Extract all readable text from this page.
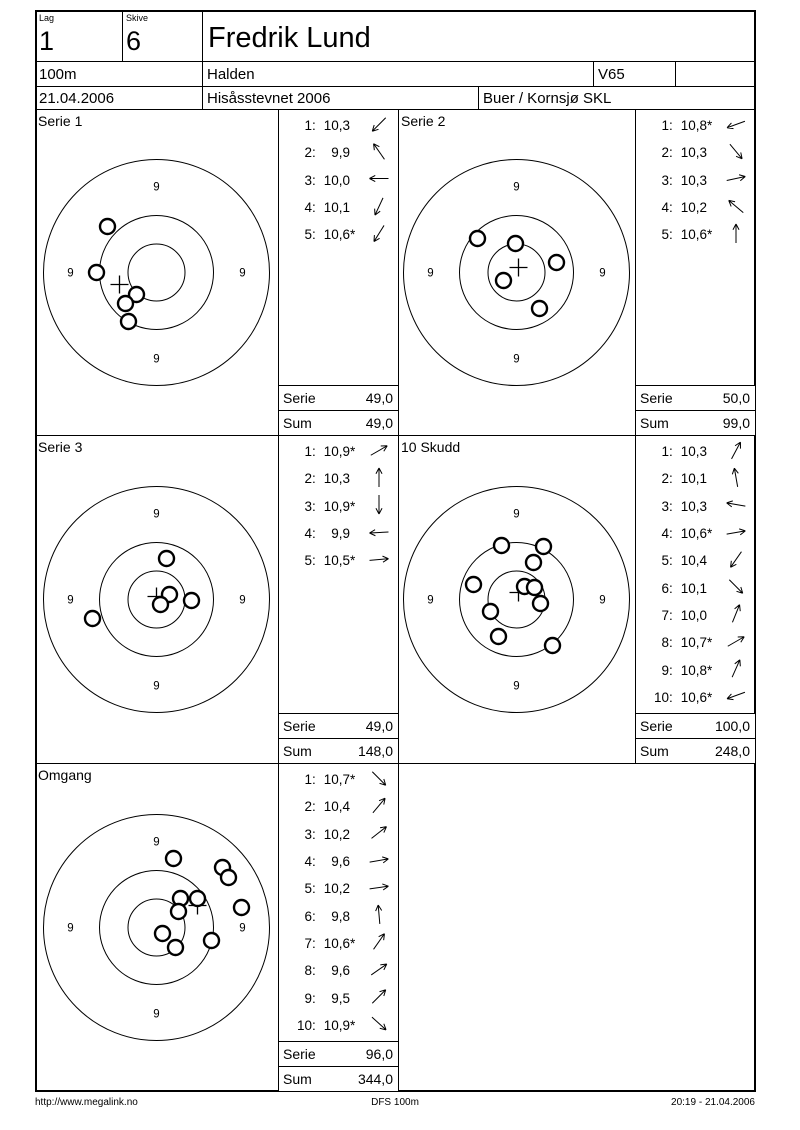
Lag
1
Skive
6 Fredrik Lund
100m	Halden	V65
21.04.2006	Hisåsstevnet 2006	Buer / Kornsjø SKL
9
9	9
9
Serie 1	1 : 10,3
2 :	9,9
3 : 10,0
4 : 10,1
5 : 10,6 *
Serie	49,0
Sum	49,0
9
9	9
9
Serie 2	1 : 10,8 *
2 : 10,3
3 : 10,3
4 : 10,2
5 : 10,6 *
Serie	50,0
Sum	99,0
9
9	9
9
Serie 3	1 : 10,9 *
2 : 10,3
3 : 10,9 *
4 :	9,9
5 : 10,5 *
Serie	49,0
Sum	148,0
9
9	9
9
10 Skudd	1 : 10,3
2 : 10,1
3 : 10,3
4 : 10,6 *
5 : 10,4
6 : 10,1
7 : 10,0
8 : 10,7 *
9 : 10,8 *
10 : 10,6 *
Serie	100,0
Sum	248,0
9
9	9
9
Omgang	1 : 10,7 *
2 : 10,4
3 : 10,2
4 :	9,6
5 : 10,2
6 :	9,8
7 : 10,6 *
8 :	9,6
9 :	9,5
10 : 10,9 *
Serie	96,0
Sum	344,0
http://www.megalink.no	DFS 100m	20:19 - 21.04.2006
